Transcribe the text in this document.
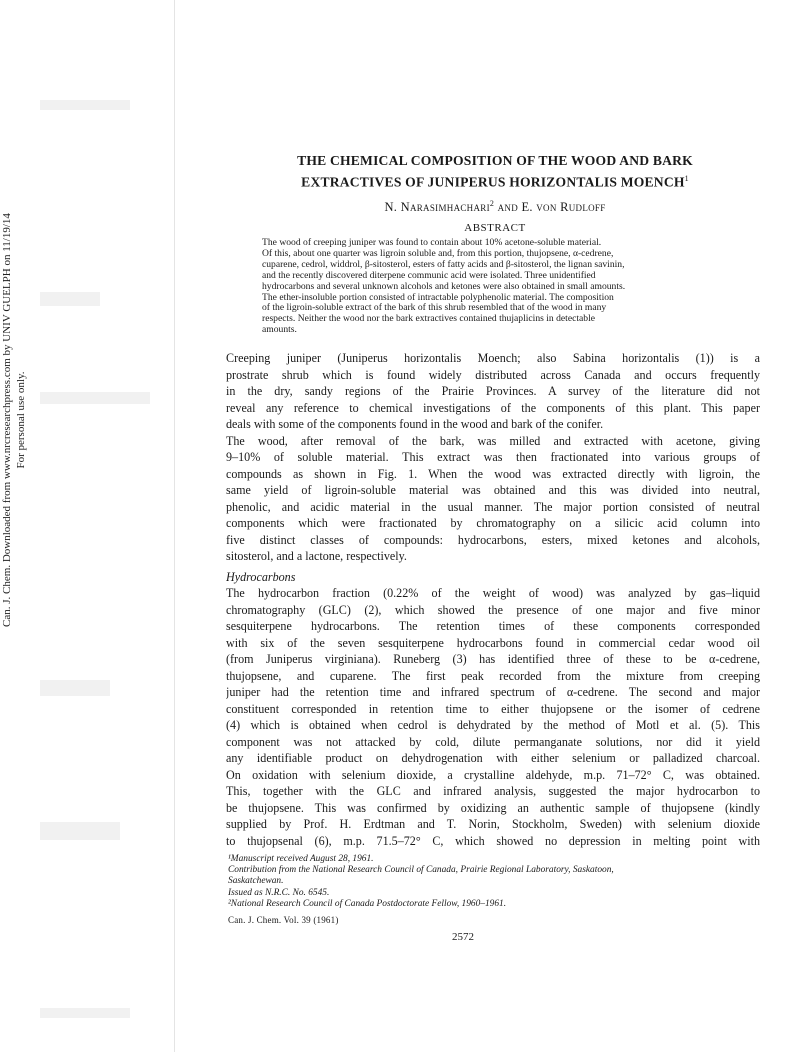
Can. J. Chem. Downloaded from www.nrcresearchpress.com by UNIV GUELPH on 11/19/14 For personal use only.
THE CHEMICAL COMPOSITION OF THE WOOD AND BARK
EXTRACTIVES OF JUNIPERUS HORIZONTALIS MOENCH$^1$
N. Narasimhachari$^2$ and E. von Rudloff
ABSTRACT
The wood of creeping juniper was found to contain about 10% acetone-soluble material.
Of this, about one quarter was ligroin soluble and, from this portion, thujopsene, α-cedrene,
cuparene, cedrol, widdrol, β-sitosterol, esters of fatty acids and β-sitosterol, the lignan savinin,
and the recently discovered diterpene communic acid were isolated. Three unidentified
hydrocarbons and several unknown alcohols and ketones were also obtained in small amounts.
The ether-insoluble portion consisted of intractable polyphenolic material. The composition
of the ligroin-soluble extract of the bark of this shrub resembled that of the wood in many
respects. Neither the wood nor the bark extractives contained thujaplicins in detectable
amounts.
Creeping juniper (Juniperus horizontalis Moench; also Sabina horizontalis (1)) is a
prostrate shrub which is found widely distributed across Canada and occurs frequently
in the dry, sandy regions of the Prairie Provinces. A survey of the literature did not
reveal any reference to chemical investigations of the components of this plant. This paper
deals with some of the components found in the wood and bark of the conifer.
The wood, after removal of the bark, was milled and extracted with acetone, giving
9–10% of soluble material. This extract was then fractionated into various groups of
compounds as shown in Fig. 1. When the wood was extracted directly with ligroin, the
same yield of ligroin-soluble material was obtained and this was divided into neutral,
phenolic, and acidic material in the usual manner. The major portion consisted of neutral
components which were fractionated by chromatography on a silicic acid column into
five distinct classes of compounds: hydrocarbons, esters, mixed ketones and alcohols,
sitosterol, and a lactone, respectively.
Hydrocarbons
The hydrocarbon fraction (0.22% of the weight of wood) was analyzed by gas–liquid
chromatography (GLC) (2), which showed the presence of one major and five minor
sesquiterpene hydrocarbons. The retention times of these components corresponded
with six of the seven sesquiterpene hydrocarbons found in commercial cedar wood oil
(from Juniperus virginiana). Runeberg (3) has identified three of these to be α-cedrene,
thujopsene, and cuparene. The first peak recorded from the mixture from creeping
juniper had the retention time and infrared spectrum of α-cedrene. The second and major
constituent corresponded in retention time to either thujopsene or the isomer of cedrene
(4) which is obtained when cedrol is dehydrated by the method of Motl et al. (5). This
component was not attacked by cold, dilute permanganate solutions, nor did it yield
any identifiable product on dehydrogenation with either selenium or palladized charcoal.
On oxidation with selenium dioxide, a crystalline aldehyde, m.p. 71–72° C, was obtained.
This, together with the GLC and infrared analysis, suggested the major hydrocarbon to
be thujopsene. This was confirmed by oxidizing an authentic sample of thujopsene (kindly
supplied by Prof. H. Erdtman and T. Norin, Stockholm, Sweden) with selenium dioxide
to thujopsenal (6), m.p. 71.5–72° C, which showed no depression in melting point with
¹Manuscript received August 28, 1961.
Contribution from the National Research Council of Canada, Prairie Regional Laboratory, Saskatoon,
Saskatchewan.
Issued as N.R.C. No. 6545.
²National Research Council of Canada Postdoctorate Fellow, 1960–1961.
Can. J. Chem. Vol. 39 (1961)
2572
